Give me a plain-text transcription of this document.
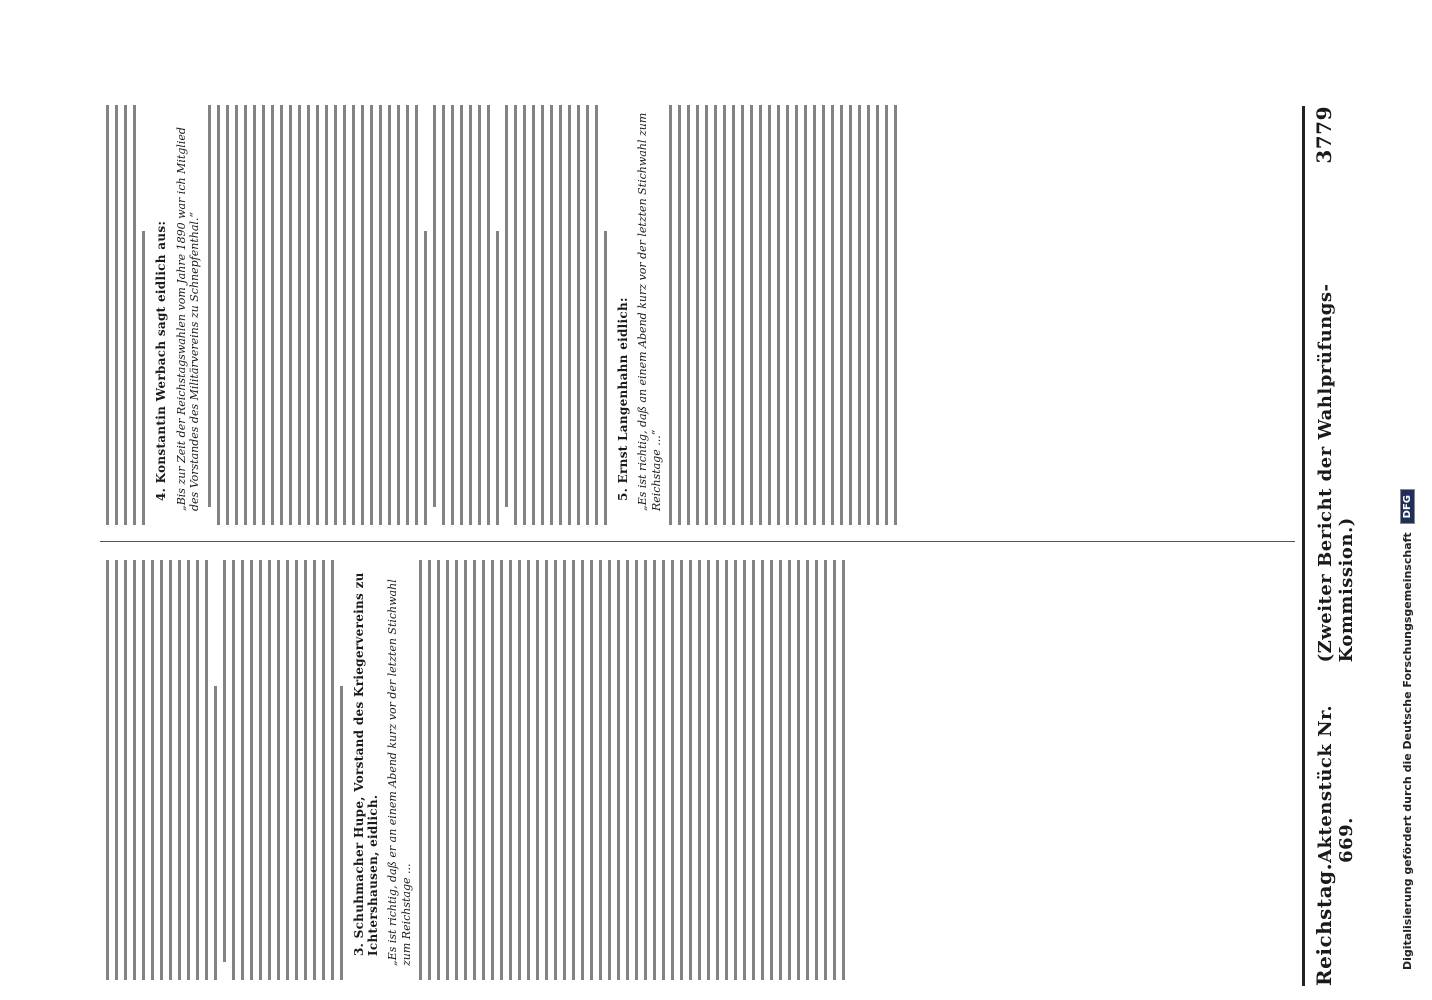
Reichstag.
Aktenstück Nr. 669.
(Zweiter Bericht der Wahlprüfungs-Kommission.)
3779
3. Schuhmacher Hupe, Vorstand des Kriegervereins zu Ichtershausen, eidlich. „Es ist richtig, daß er an einem Abend kurz vor der letzten Stichwahl zum Reichstage ...
4. Konstantin Werbach sagt eidlich aus: „Bis zur Zeit der Reichstagswahlen vom Jahre 1890 war ich Mitglied des Vorstandes des Militärvereins zu Schnepfenthal.“	5. Ernst Langenhahn eidlich: „Es ist richtig, daß an einem Abend kurz vor der letzten Stichwahl zum Reichstage ...“
Digitalisierung gefördert durch die Deutsche Forschungsgemeinschaft
DFG
